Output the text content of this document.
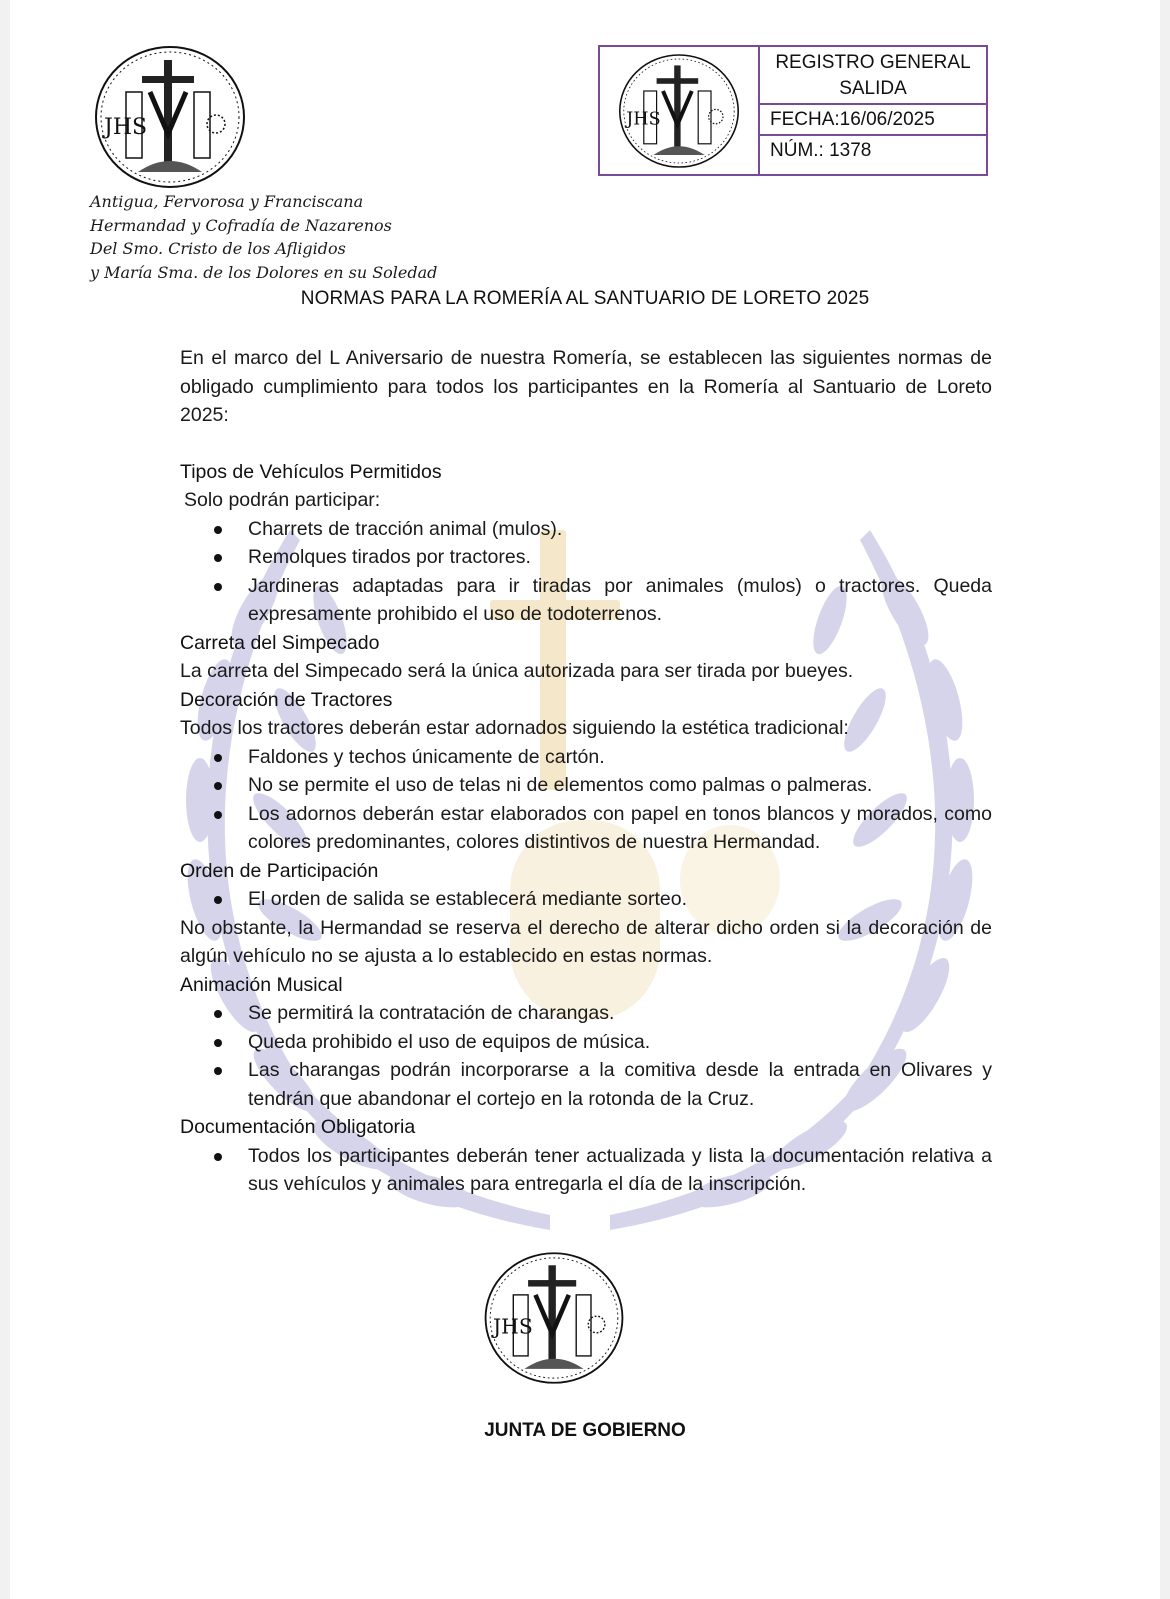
JHS
Antigua, Fervorosa y Franciscana
Hermandad y Cofradía de Nazarenos
Del Smo. Cristo de los Afligidos
y María Sma. de los Dolores en su Soledad
JHS
REGISTRO GENERAL SALIDA
FECHA:16/06/2025
NÚM.: 1378
NORMAS PARA LA ROMERÍA AL SANTUARIO DE LORETO 2025

En el marco del L Aniversario de nuestra Romería, se establecen las siguientes normas de obligado cumplimiento para todos los participantes en la Romería al Santuario de Loreto 2025:

Tipos de Vehículos Permitidos

Solo podrán participar:

Charrets de tracción animal (mulos).
Remolques tirados por tractores.
Jardineras adaptadas para ir tiradas por animales (mulos) o tractores. Queda expresamente prohibido el uso de todoterrenos.

Carreta del Simpecado

La carreta del Simpecado será la única autorizada para ser tirada por bueyes.

Decoración de Tractores

Todos los tractores deberán estar adornados siguiendo la estética tradicional:

Faldones y techos únicamente de cartón.
No se permite el uso de telas ni de elementos como palmas o palmeras.
Los adornos deberán estar elaborados con papel en tonos blancos y morados, como colores predominantes, colores distintivos de nuestra Hermandad.

Orden de Participación

El orden de salida se establecerá mediante sorteo.

No obstante, la Hermandad se reserva el derecho de alterar dicho orden si la decoración de algún vehículo no se ajusta a lo establecido en estas normas.

Animación Musical

Se permitirá la contratación de charangas.
Queda prohibido el uso de equipos de música.
Las charangas podrán incorporarse a la comitiva desde la entrada en Olivares y tendrán que abandonar el cortejo en la rotonda de la Cruz.

Documentación Obligatoria

Todos los participantes deberán tener actualizada y lista la documentación relativa a sus vehículos y animales para entregarla el día de la inscripción.
JHS
JUNTA DE GOBIERNO
